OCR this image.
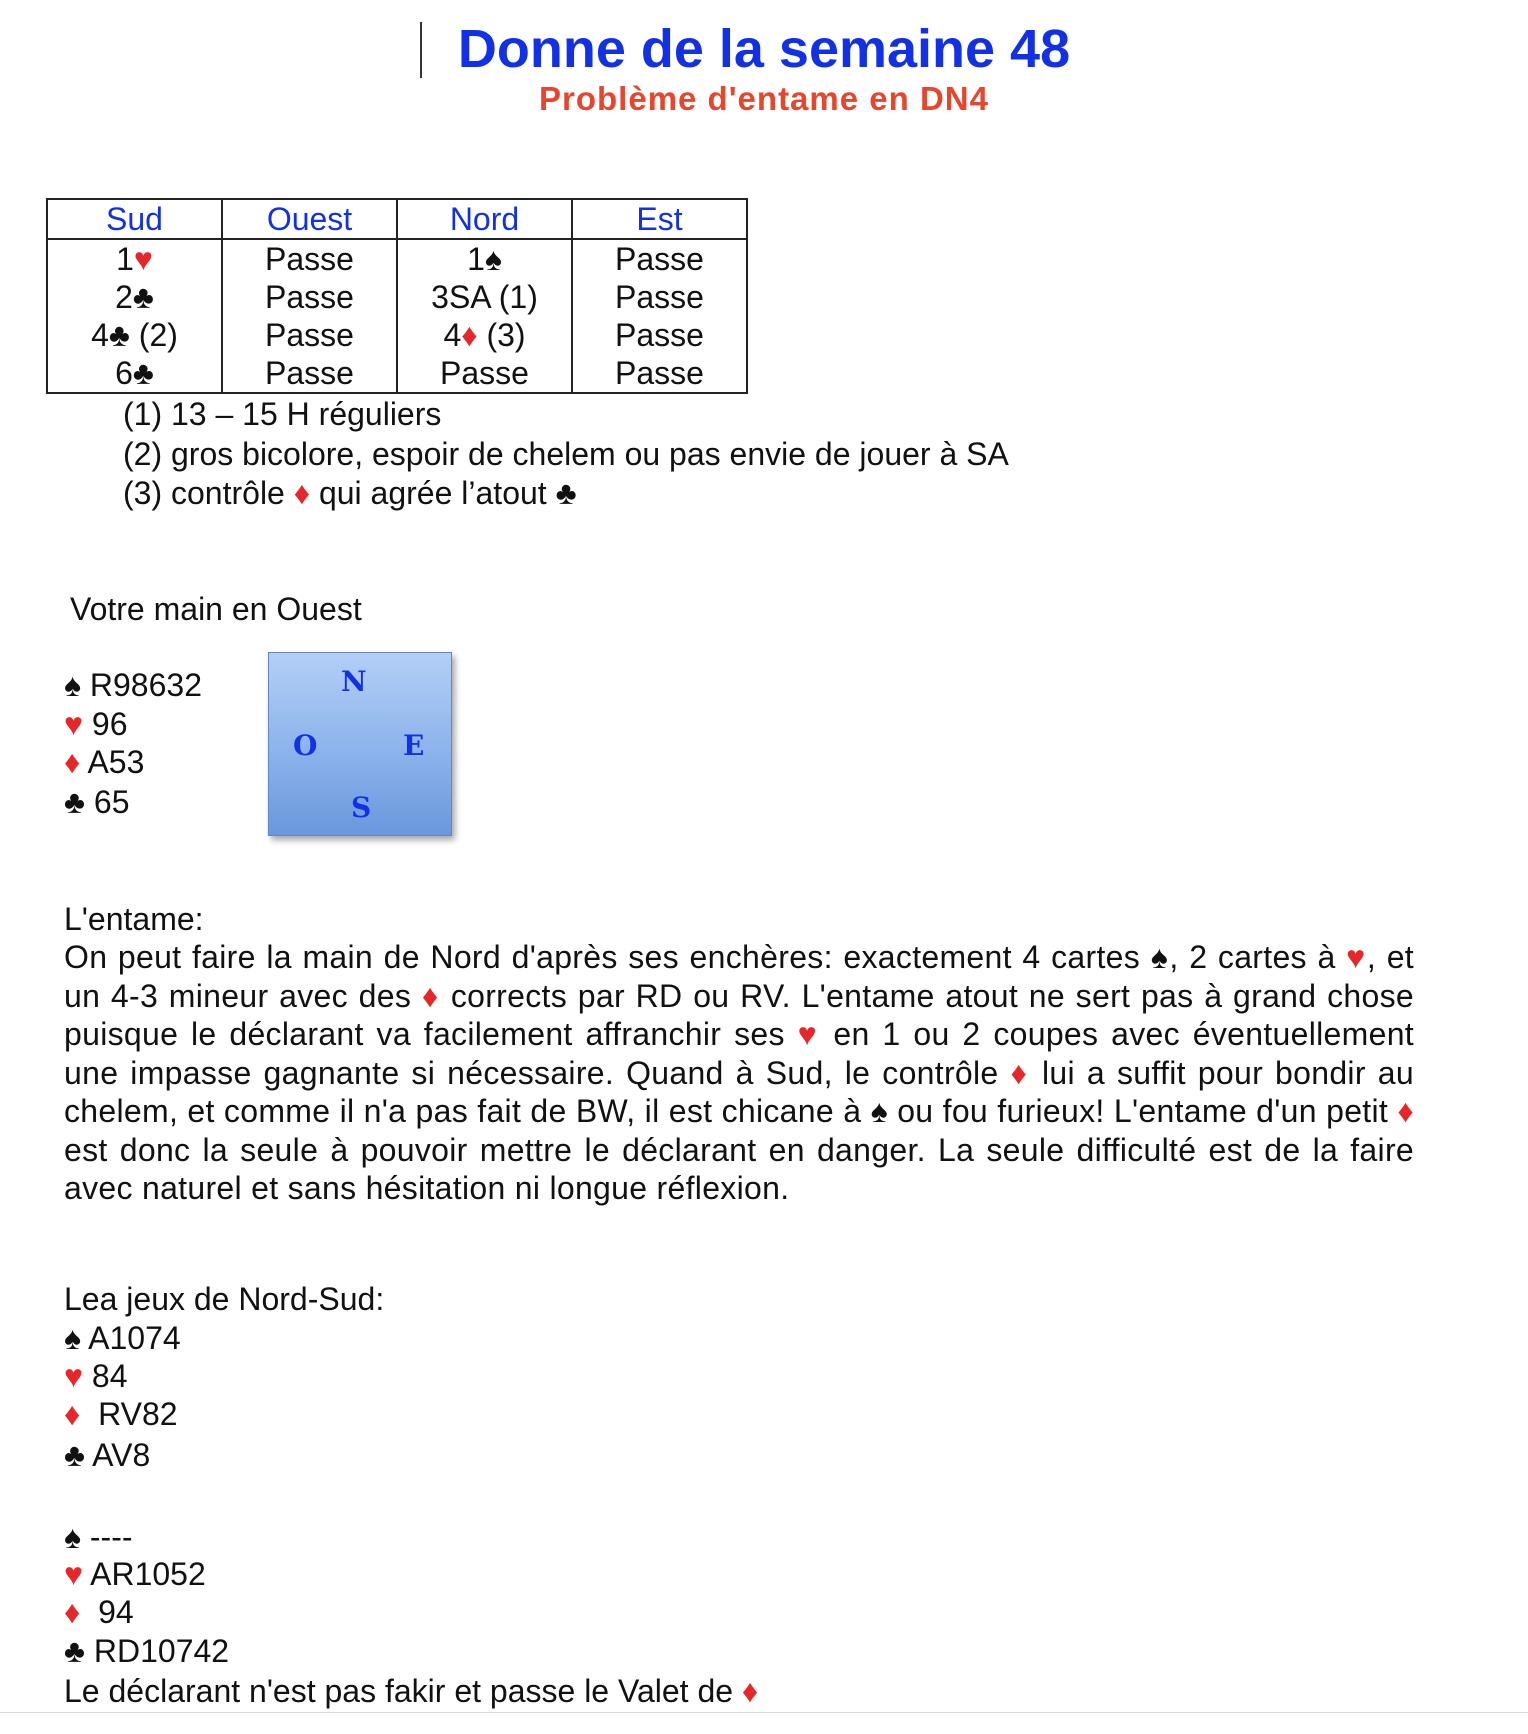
Donne de la semaine 48
Problème d'entame en DN4
Sud	Ouest	Nord	Est
1♥	Passe	1♠	Passe
2♣	Passe	3SA (1)	Passe
4♣ (2)	Passe	4♦ (3)	Passe
6♣	Passe	Passe	Passe
(1) 13 – 15 H réguliers
(2) gros bicolore, espoir de chelem ou pas envie de jouer à SA
(3) contrôle ♦ qui agrée l’atout ♣
Votre main en Ouest
♠ R98632
♥ 96
♦ A53
♣ 65
N
O	E
S
L'entame:
On peut faire la main de Nord d'après ses enchères: exactement 4 cartes ♠, 2 cartes à ♥, et un 4-3 mineur avec des ♦ corrects par RD ou RV. L'entame atout ne sert pas à grand chose puisque le déclarant va facilement affranchir ses ♥ en 1 ou 2 coupes avec éventuellement une impasse gagnante si nécessaire. Quand à Sud, le contrôle ♦ lui a suffit pour bondir au chelem, et comme il n'a pas fait de BW, il est chicane à ♠ ou fou furieux! L'entame d'un petit ♦ est donc la seule à pouvoir mettre le déclarant en danger. La seule difficulté est de la faire avec naturel et sans hésitation ni longue réflexion.
Lea jeux de Nord-Sud:
♠ A1074
♥ 84
♦  RV82
♣ AV8
♠ ----
♥ AR1052
♦  94
♣ RD10742
Le déclarant n'est pas fakir et passe le Valet de ♦
